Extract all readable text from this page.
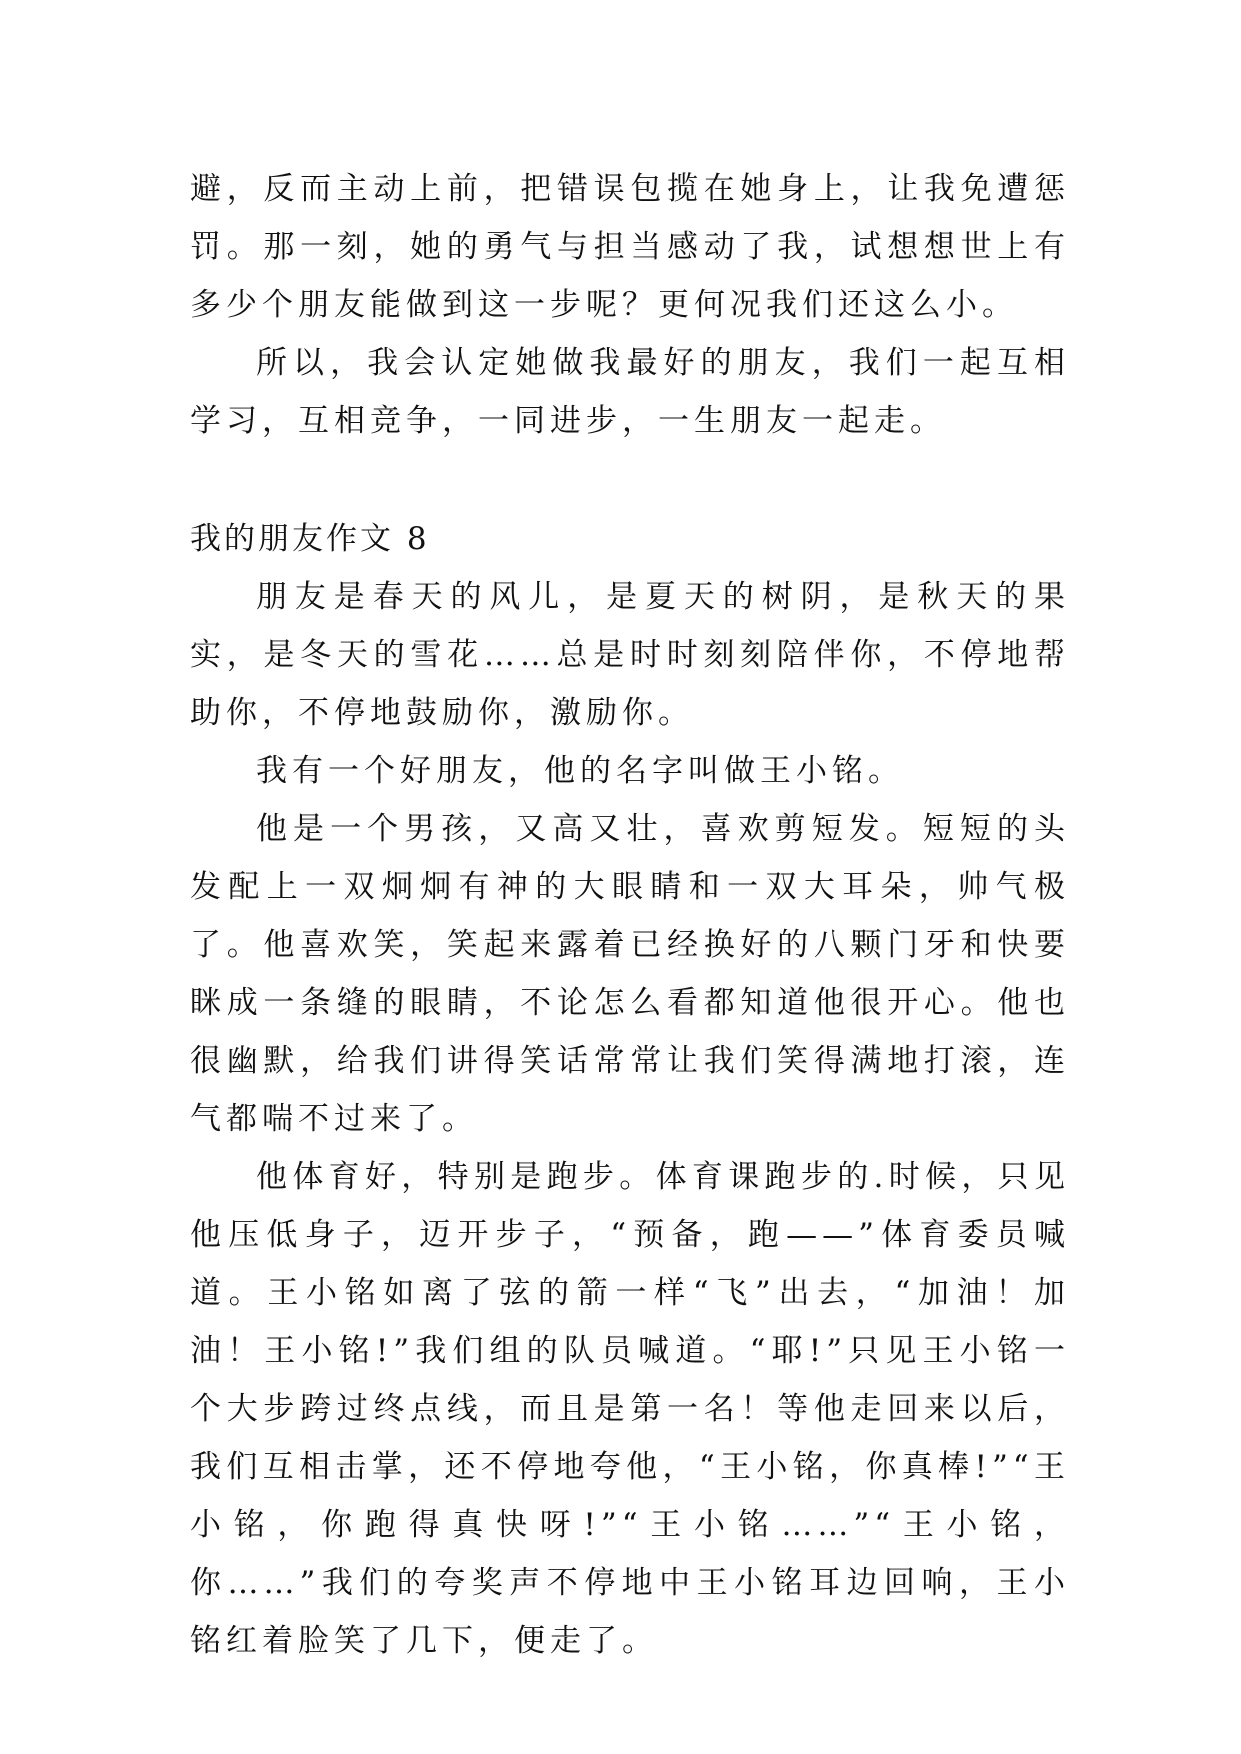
避，反而主动上前，把错误包揽在她身上，让我免遭惩罚。那一刻，她的勇气与担当感动了我，试想想世上有多少个朋友能做到这一步呢？更何况我们还这么小。

所以，我会认定她做我最好的朋友，我们一起互相学习，互相竞争，一同进步，一生朋友一起走。

我的朋友作文 8

朋友是春天的风儿，是夏天的树阴，是秋天的果实，是冬天的雪花……总是时时刻刻陪伴你，不停地帮助你，不停地鼓励你，激励你。

我有一个好朋友，他的名字叫做王小铭。

他是一个男孩，又高又壮，喜欢剪短发。短短的头发配上一双炯炯有神的大眼睛和一双大耳朵，帅气极了。他喜欢笑，笑起来露着已经换好的八颗门牙和快要眯成一条缝的眼睛，不论怎么看都知道他很开心。他也很幽默，给我们讲得笑话常常让我们笑得满地打滚，连气都喘不过来了。

他体育好，特别是跑步。体育课跑步的.时候，只见他压低身子，迈开步子，“预备，跑——”体育委员喊道。王小铭如离了弦的箭一样“飞”出去，“加油！加油！王小铭!”我们组的队员喊道。“耶!”只见王小铭一个大步跨过终点线，而且是第一名！等他走回来以后，我们互相击掌，还不停地夸他，“王小铭，你真棒!”“王小铭，你跑得真快呀!”“王小铭……”“王小铭，你……”我们的夸奖声不停地中王小铭耳边回响，王小铭红着脸笑了几下，便走了。
